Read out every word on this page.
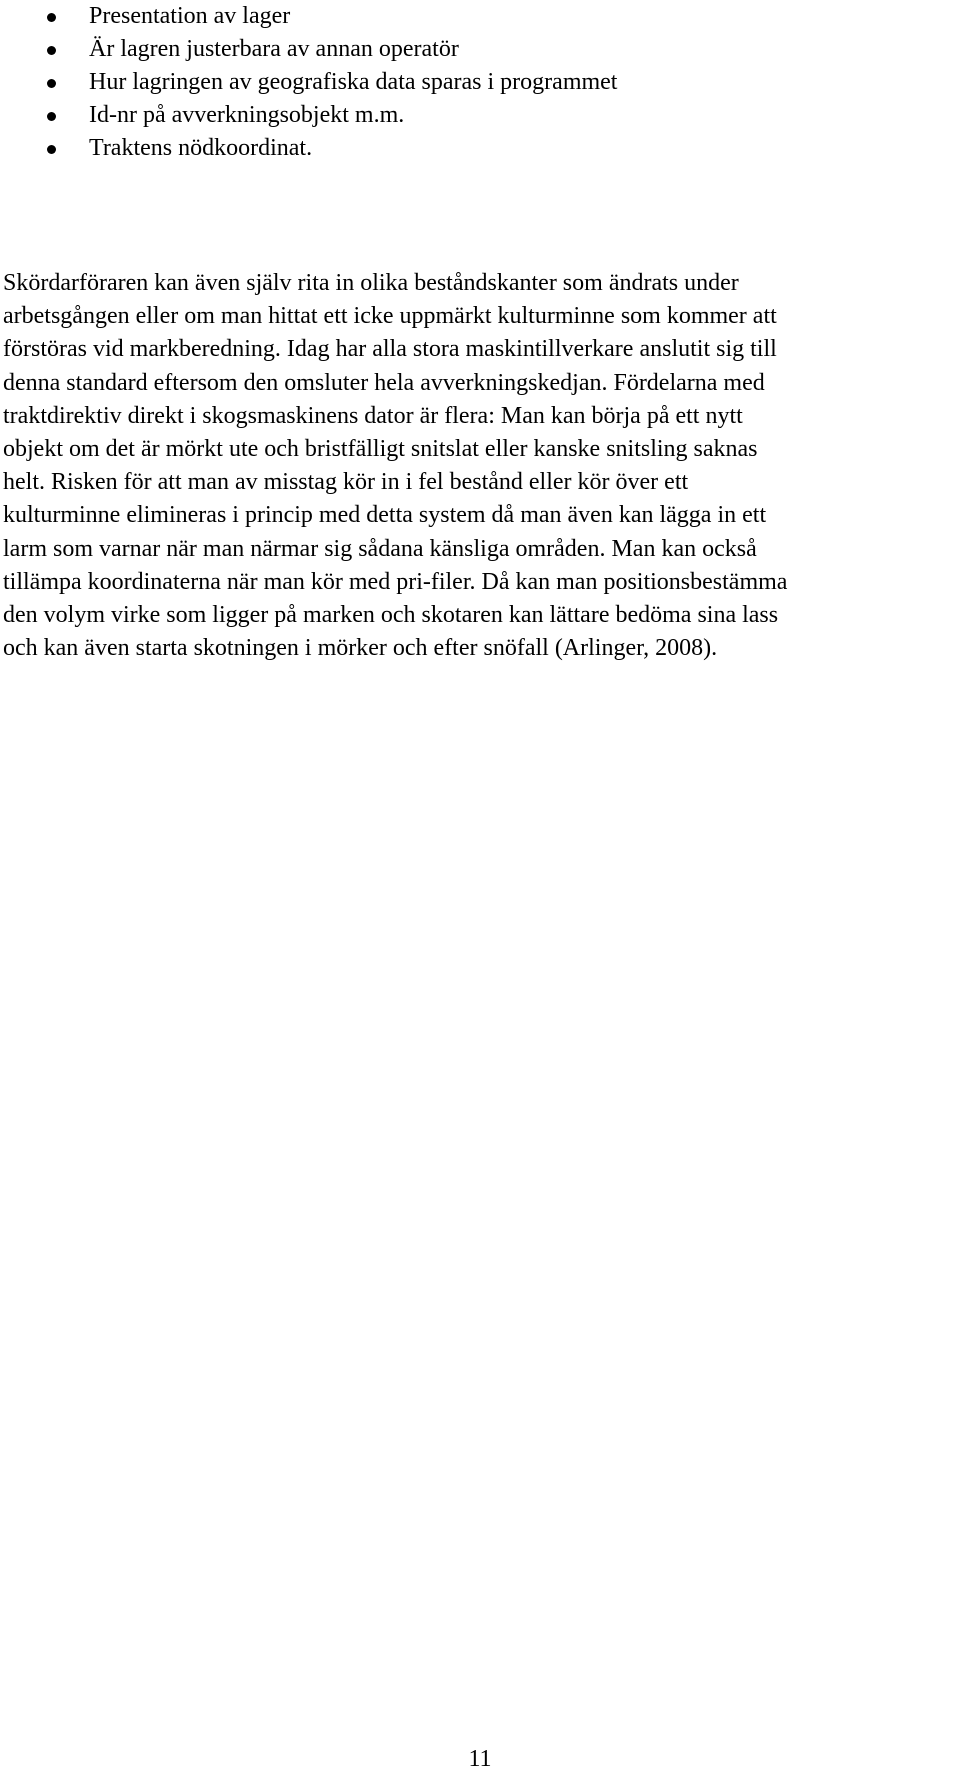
Presentation av lager
Är lagren justerbara av annan operatör
Hur lagringen av geografiska data sparas i programmet
Id-nr på avverkningsobjekt m.m.
Traktens nödkoordinat.

Skördarföraren kan även själv rita in olika beståndskanter som ändrats under
arbetsgången eller om man hittat ett icke uppmärkt kulturminne som kommer att
förstöras vid markberedning. Idag har alla stora maskintillverkare anslutit sig till
denna standard eftersom den omsluter hela avverkningskedjan. Fördelarna med
traktdirektiv direkt i skogsmaskinens dator är flera: Man kan börja på ett nytt
objekt om det är mörkt ute och bristfälligt snitslat eller kanske snitsling saknas
helt. Risken för att man av misstag kör in i fel bestånd eller kör över ett
kulturminne elimineras i princip med detta system då man även kan lägga in ett
larm som varnar när man närmar sig sådana känsliga områden. Man kan också
tillämpa koordinaterna när man kör med pri-filer. Då kan man positionsbestämma
den volym virke som ligger på marken och skotaren kan lättare bedöma sina lass
och kan även starta skotningen i mörker och efter snöfall (Arlinger, 2008).

11
